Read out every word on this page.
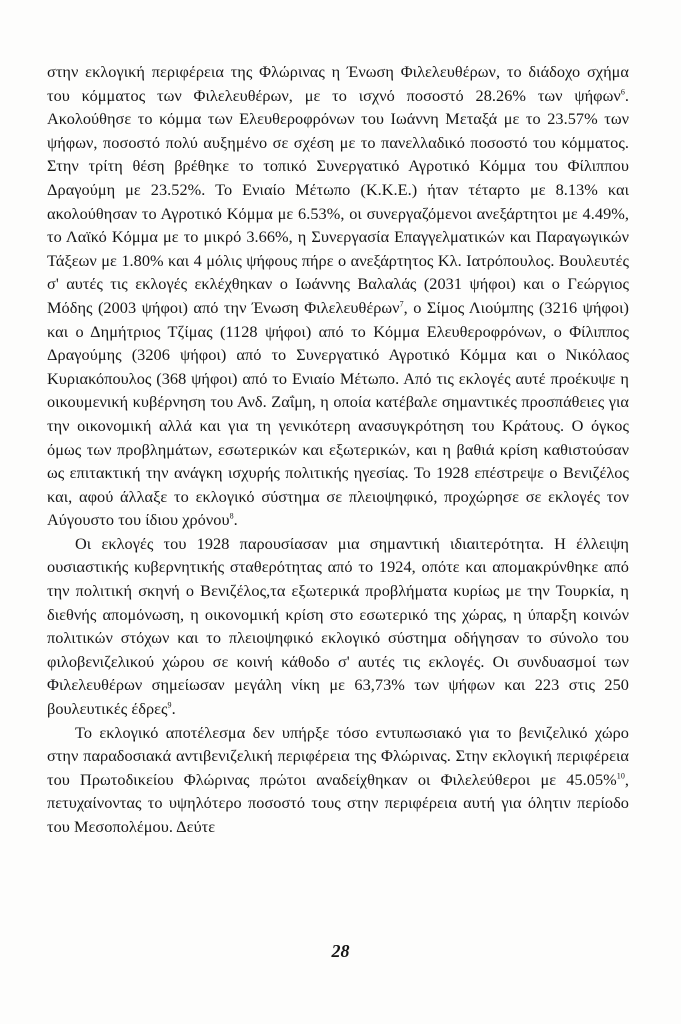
στην εκλογική περιφέρεια της Φλώρινας η Ένωση Φιλελευθέρων, το διάδοχο σχήμα του κόμματος των Φιλελευθέρων, με το ισχνό ποσοστό 28.26% των ψήφων$^6$. Ακολούθησε το κόμμα των Ελευθεροφρόνων του Ιωάννη Μεταξά με το 23.57% των ψήφων, ποσοστό πολύ αυξημένο σε σχέση με το πανελλαδικό ποσοστό του κόμματος. Στην τρίτη θέση βρέθηκε το τοπικό Συνεργατικό Αγροτικό Κόμμα του Φίλιππου Δραγούμη με 23.52%. Το Ενιαίο Μέτωπο (Κ.Κ.Ε.) ήταν τέταρτο με 8.13% και ακολούθησαν το Αγροτικό Κόμμα με 6.53%, οι συνεργαζόμενοι ανεξάρτητοι με 4.49%, το Λαϊκό Κόμμα με το μικρό 3.66%, η Συνεργασία Επαγγελματικών και Παραγωγικών Τάξεων με 1.80% και 4 μόλις ψήφους πήρε ο ανεξάρτητος Κλ. Ιατρόπουλος. Βουλευτές σ' αυτές τις εκλογές εκλέχθηκαν ο Ιωάννης Βαλαλάς (2031 ψήφοι) και ο Γεώργιος Μόδης (2003 ψήφοι) από την Ένωση Φιλελευθέρων$^7$, ο Σίμος Λιούμπης (3216 ψήφοι) και ο Δημήτριος Τζίμας (1128 ψήφοι) από το Κόμμα Ελευθεροφρόνων, ο Φίλιππος Δραγούμης (3206 ψήφοι) από το Συνεργατικό Αγροτικό Κόμμα και ο Νικόλαος Κυριακόπουλος (368 ψήφοι) από το Ενιαίο Μέτωπο. Από τις εκλογές αυτέ προέκυψε η οικουμενική κυβέρνηση του Ανδ. Ζαΐμη, η οποία κατέβαλε σημαντικές προσπάθειες για την οικονομική αλλά και για τη γενικότερη ανασυγκρότηση του Κράτους. Ο όγκος όμως των προβλημάτων, εσωτερικών και εξωτερικών, και η βαθιά κρίση καθιστούσαν ως επιτακτική την ανάγκη ισχυρής πολιτικής ηγεσίας. Το 1928 επέστρεψε ο Βενιζέλος και, αφού άλλαξε το εκλογικό σύστημα σε πλειοψηφικό, προχώρησε σε εκλογές τον Αύγουστο του ίδιου χρόνου$^8$.

Οι εκλογές του 1928 παρουσίασαν μια σημαντική ιδιαιτερότητα. Η έλλειψη ουσιαστικής κυβερνητικής σταθερότητας από το 1924, οπότε και απομακρύνθηκε από την πολιτική σκηνή ο Βενιζέλος,τα εξωτερικά προβλήματα κυρίως με την Τουρκία, η διεθνής απομόνωση, η οικονομική κρίση στο εσωτερικό της χώρας, η ύπαρξη κοινών πολιτικών στόχων και το πλειοψηφικό εκλογικό σύστημα οδήγησαν το σύνολο του φιλοβενιζελικού χώρου σε κοινή κάθοδο σ' αυτές τις εκλογές. Οι συνδυασμοί των Φιλελευθέρων σημείωσαν μεγάλη νίκη με 63,73% των ψήφων και 223 στις 250 βουλευτικές έδρες$^9$.

Το εκλογικό αποτέλεσμα δεν υπήρξε τόσο εντυπωσιακό για το βενιζελικό χώρο στην παραδοσιακά αντιβενιζελική περιφέρεια της Φλώρινας. Στην εκλογική περιφέρεια του Πρωτοδικείου Φλώρινας πρώτοι αναδείχθηκαν οι Φιλελεύθεροι με 45.05%$^{10}$, πετυχαίνοντας το υψηλότερο ποσοστό τους στην περιφέρεια αυτή για όλητιν περίοδο του Μεσοπολέμου. Δεύτε

28
